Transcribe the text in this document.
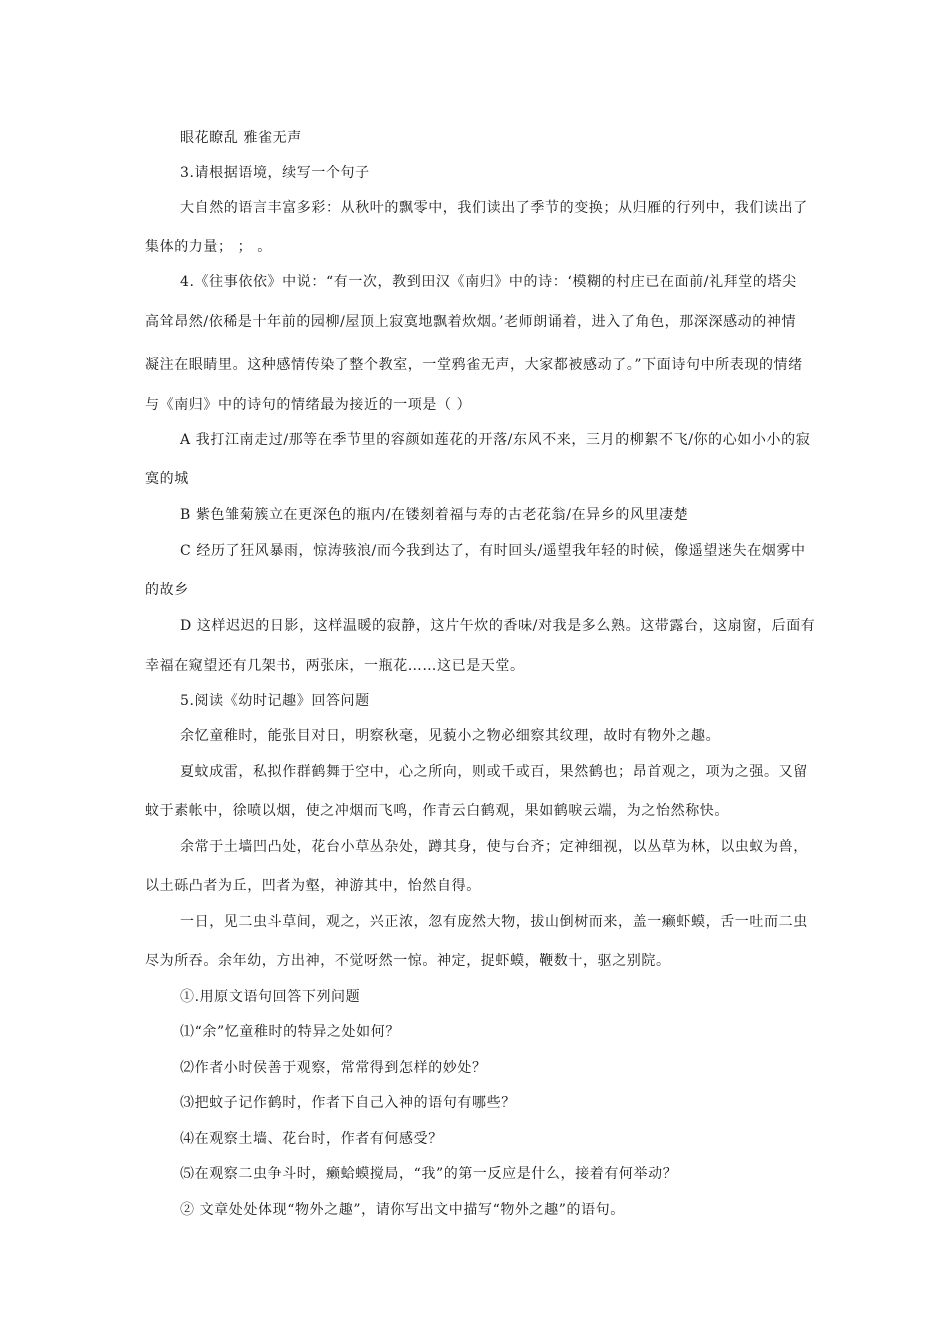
眼花瞭乱 雅雀无声
3.请根据语境，续写一个句子
大自然的语言丰富多彩：从秋叶的飘零中，我们读出了季节的变换；从归雁的行列中，我们读出了
集体的力量； ； 。
4.《往事依依》中说：“有一次，教到田汉《南归》中的诗：‘模糊的村庄已在面前/礼拜堂的塔尖
高耸昂然/依稀是十年前的园柳/屋顶上寂寞地飘着炊烟。’老师朗诵着，进入了角色，那深深感动的神情
凝注在眼睛里。这种感情传染了整个教室，一堂鸦雀无声，大家都被感动了。”下面诗句中所表现的情绪
与《南归》中的诗句的情绪最为接近的一项是（ ）
A 我打江南走过/那等在季节里的容颜如莲花的开落/东风不来，三月的柳絮不飞/你的心如小小的寂
寞的城
B 紫色雏菊簇立在更深色的瓶内/在镂刻着福与寿的古老花翁/在异乡的风里凄楚
C 经历了狂风暴雨，惊涛骇浪/而今我到达了，有时回头/遥望我年轻的时候，像遥望迷失在烟雾中
的故乡
D 这样迟迟的日影，这样温暖的寂静，这片午炊的香味/对我是多么熟。这带露台，这扇窗，后面有
幸福在窥望还有几架书，两张床，一瓶花……这已是天堂。
5.阅读《幼时记趣》回答问题
余忆童稚时，能张目对日，明察秋毫，见藐小之物必细察其纹理，故时有物外之趣。
夏蚊成雷，私拟作群鹤舞于空中，心之所向，则或千或百，果然鹤也；昂首观之，项为之强。又留
蚊于素帐中，徐喷以烟，使之冲烟而飞鸣，作青云白鹤观，果如鹤唳云端，为之怡然称快。
余常于土墙凹凸处，花台小草丛杂处，蹲其身，使与台齐；定神细视，以丛草为林，以虫蚁为兽，
以土砾凸者为丘，凹者为壑，神游其中，怡然自得。
一日，见二虫斗草间，观之，兴正浓，忽有庞然大物，拔山倒树而来，盖一癞虾蟆，舌一吐而二虫
尽为所吞。余年幼，方出神，不觉呀然一惊。神定，捉虾蟆，鞭数十，驱之别院。
①.用原文语句回答下列问题
⑴“余”忆童稚时的特异之处如何？
⑵作者小时侯善于观察，常常得到怎样的妙处？
⑶把蚊子记作鹤时，作者下自己入神的语句有哪些？
⑷在观察土墙、花台时，作者有何感受？
⑸在观察二虫争斗时，癞蛤蟆搅局，“我”的第一反应是什么，接着有何举动？
② 文章处处体现“物外之趣”，请你写出文中描写“物外之趣”的语句。
